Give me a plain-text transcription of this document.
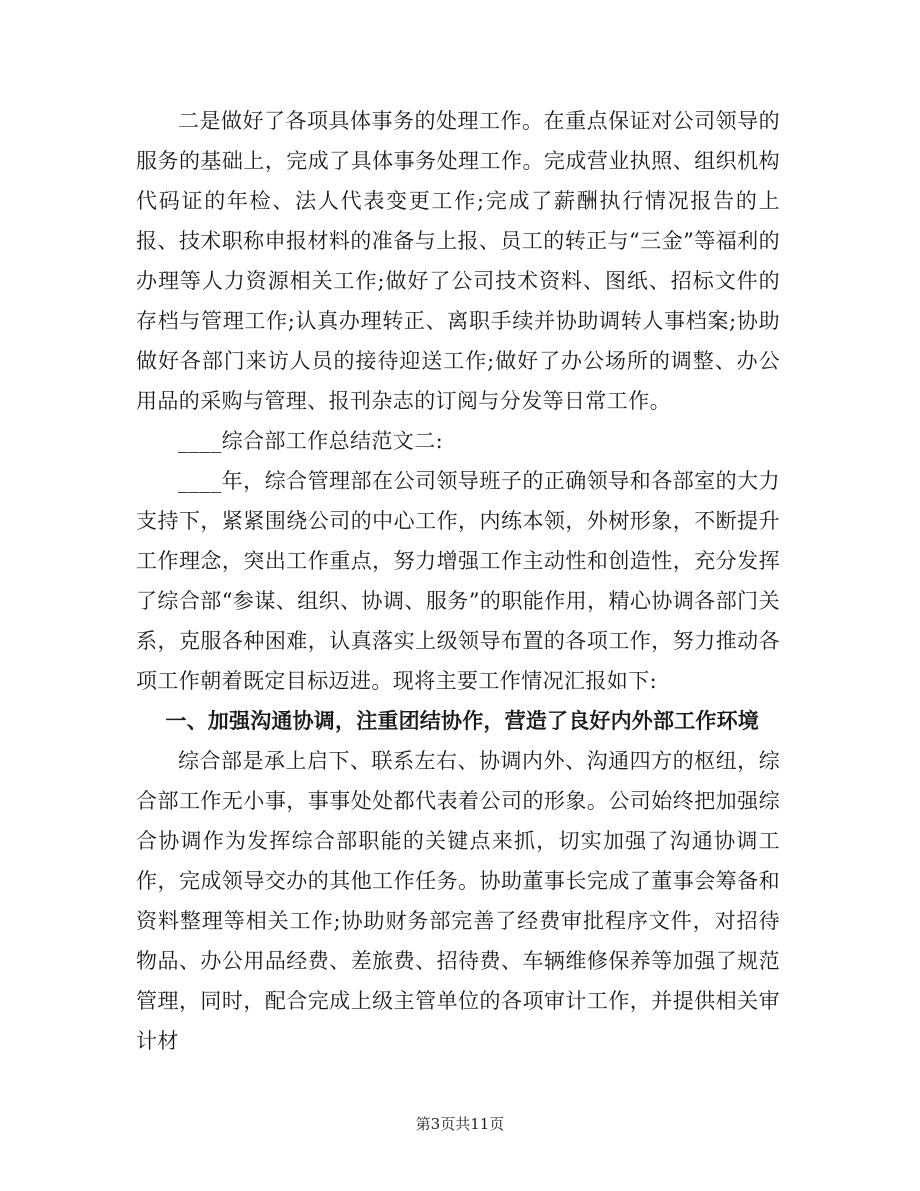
二是做好了各项具体事务的处理工作。在重点保证对公司领导的服务的基础上，完成了具体事务处理工作。完成营业执照、组织机构代码证的年检、法人代表变更工作;完成了薪酬执行情况报告的上报、技术职称申报材料的准备与上报、员工的转正与“三金”等福利的办理等人力资源相关工作;做好了公司技术资料、图纸、招标文件的存档与管理工作;认真办理转正、离职手续并协助调转人事档案;协助做好各部门来访人员的接待迎送工作;做好了办公场所的调整、办公用品的采购与管理、报刊杂志的订阅与分发等日常工作。

____综合部工作总结范文二:

____年，综合管理部在公司领导班子的正确领导和各部室的大力支持下，紧紧围绕公司的中心工作，内练本领，外树形象，不断提升工作理念，突出工作重点，努力增强工作主动性和创造性，充分发挥了综合部“参谋、组织、协调、服务”的职能作用，精心协调各部门关系，克服各种困难，认真落实上级领导布置的各项工作，努力推动各项工作朝着既定目标迈进。现将主要工作情况汇报如下:

一、加强沟通协调，注重团结协作，营造了良好内外部工作环境

综合部是承上启下、联系左右、协调内外、沟通四方的枢纽，综合部工作无小事，事事处处都代表着公司的形象。公司始终把加强综合协调作为发挥综合部职能的关键点来抓，切实加强了沟通协调工作，完成领导交办的其他工作任务。协助董事长完成了董事会筹备和资料整理等相关工作;协助财务部完善了经费审批程序文件，对招待物品、办公用品经费、差旅费、招待费、车辆维修保养等加强了规范管理，同时，配合完成上级主管单位的各项审计工作，并提供相关审计材

第3页共11页
